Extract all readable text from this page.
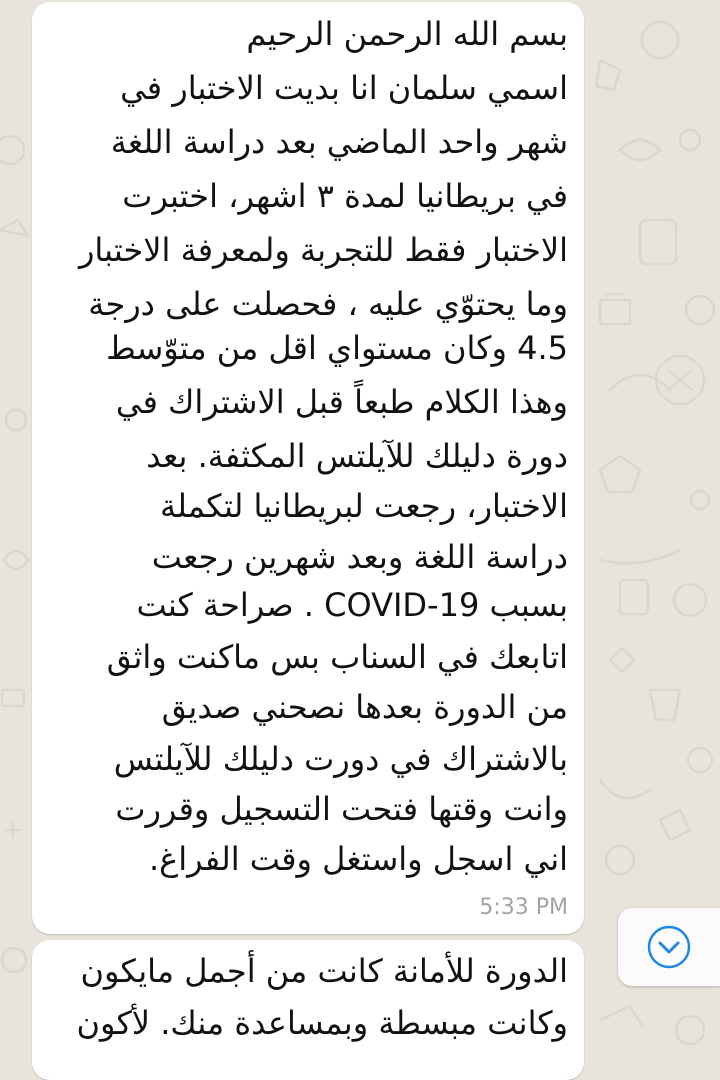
بسم الله الرحمن الرحيم
اسمي سلمان انا بديت الاختبار في
شهر واحد الماضي بعد دراسة اللغة
في بريطانيا لمدة ٣ اشهر، اختبرت
الاختبار فقط للتجربة ولمعرفة الاختبار
وما يحتوّي عليه ، فحصلت على درجة
4.5 وكان مستواي اقل من متوّسط
وهذا الكلام طبعاً قبل الاشتراك في
دورة دليلك للآيلتس المكثفة. بعد
الاختبار، رجعت لبريطانيا لتكملة
دراسة اللغة وبعد شهرين رجعت
بسبب COVID-19 . صراحة كنت
اتابعك في السناب بس ماكنت واثق
من الدورة بعدها نصحني صديق
بالاشتراك في دورت دليلك للآيلتس
وانت وقتها فتحت التسجيل وقررت
اني اسجل واستغل وقت الفراغ.
5:33 PM
الدورة للأمانة كانت من أجمل مايكون
وكانت مبسطة وبمساعدة منك. لأكون
